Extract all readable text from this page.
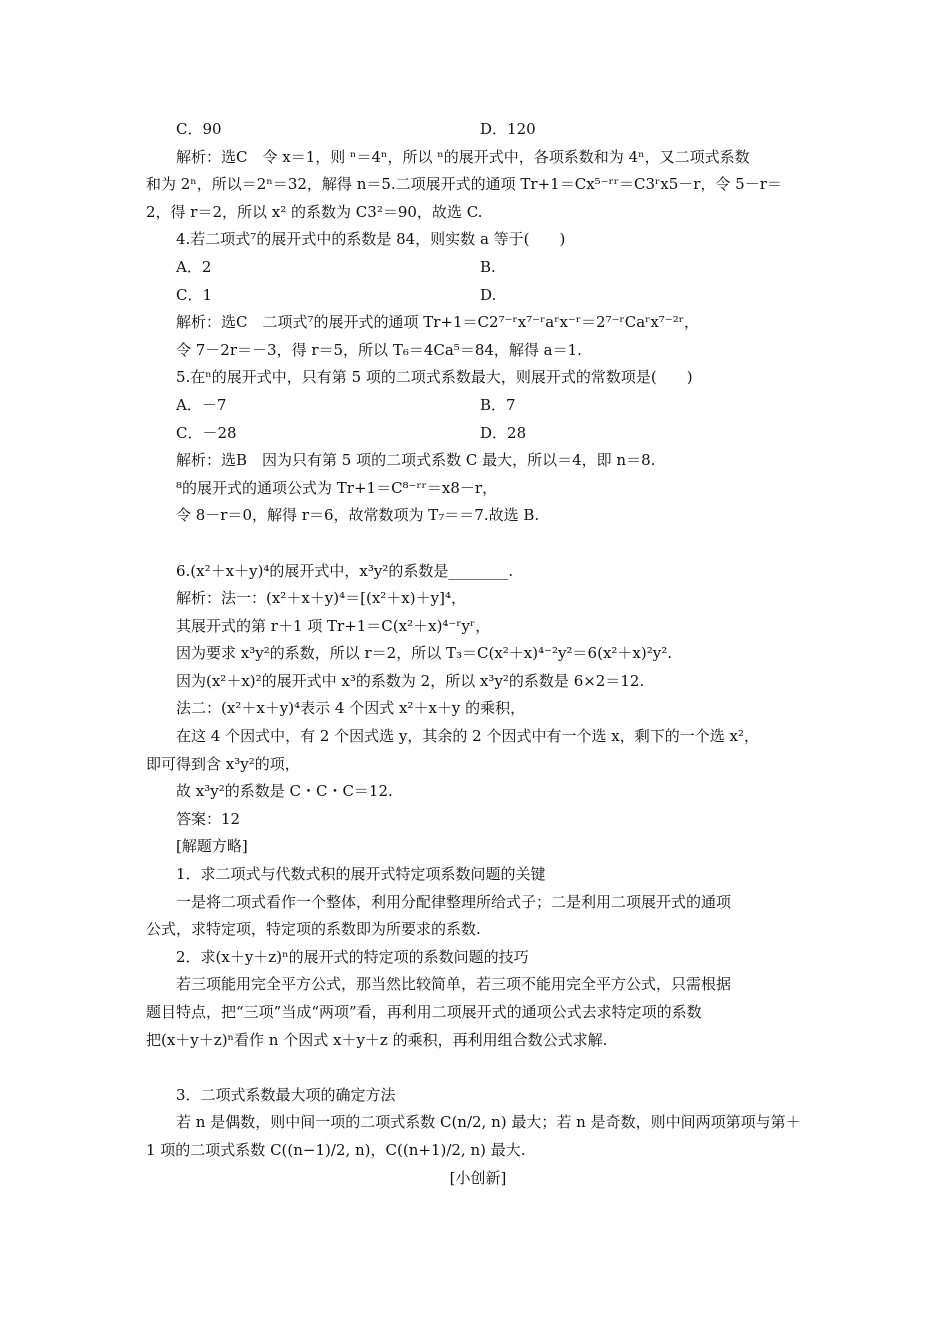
C．90	D．120
解析：选C　令 x＝1，则 ⁿ＝4ⁿ，所以 ⁿ的展开式中，各项系数和为 4ⁿ，又二项式系数
和为 2ⁿ，所以＝2ⁿ＝32，解得 n＝5.二项展开式的通项 Tr+1＝Cx⁵⁻ʳʳ＝C3ʳx5－r，令 5－r＝
2，得 r＝2，所以 x² 的系数为 C3²＝90，故选 C.
4.若二项式⁷的展开式中的系数是 84，则实数 a 等于(　　)
A．2	B.
C．1	D.
解析：选C　二项式⁷的展开式的通项 Tr+1＝C2⁷⁻ʳx⁷⁻ʳaʳx⁻ʳ＝2⁷⁻ʳCaʳx⁷⁻²ʳ，
令 7－2r＝－3，得 r＝5，所以 T₆＝4Ca⁵＝84，解得 a＝1.
5.在ⁿ的展开式中，只有第 5 项的二项式系数最大，则展开式的常数项是(　　)
A．－7	B．7
C．－28	D．28
解析：选B　因为只有第 5 项的二项式系数 C 最大，所以＝4，即 n＝8.
⁸的展开式的通项公式为 Tr+1＝C⁸⁻ʳʳ＝x8－r，
令 8－r＝0，解得 r＝6，故常数项为 T₇＝＝7.故选 B.
6.(x²＋x＋y)⁴的展开式中，x³y²的系数是________.
解析：法一：(x²＋x＋y)⁴＝[(x²＋x)＋y]⁴，
其展开式的第 r＋1 项 Tr+1＝C(x²＋x)⁴⁻ʳyʳ，
因为要求 x³y²的系数，所以 r＝2，所以 T₃＝C(x²＋x)⁴⁻²y²＝6(x²＋x)²y².
因为(x²＋x)²的展开式中 x³的系数为 2，所以 x³y²的系数是 6×2＝12.
法二：(x²＋x＋y)⁴表示 4 个因式 x²＋x＋y 的乘积，
在这 4 个因式中，有 2 个因式选 y，其余的 2 个因式中有一个选 x，剩下的一个选 x²，
即可得到含 x³y²的项，
故 x³y²的系数是 C・C・C＝12.
答案：12
[解题方略]
1．求二项式与代数式积的展开式特定项系数问题的关键
一是将二项式看作一个整体，利用分配律整理所给式子；二是利用二项展开式的通项
公式，求特定项，特定项的系数即为所要求的系数.
2．求(x＋y＋z)ⁿ的展开式的特定项的系数问题的技巧
若三项能用完全平方公式，那当然比较简单，若三项不能用完全平方公式，只需根据
题目特点，把“三项”当成“两项”看，再利用二项展开式的通项公式去求特定项的系数
把(x＋y＋z)ⁿ看作 n 个因式 x＋y＋z 的乘积，再利用组合数公式求解.
3．二项式系数最大项的确定方法
若 n 是偶数，则中间一项的二项式系数 C(n/2, n) 最大；若 n 是奇数，则中间两项第项与第＋
1 项的二项式系数 C((n−1)/2, n)，C((n+1)/2, n) 最大.
[小创新]
